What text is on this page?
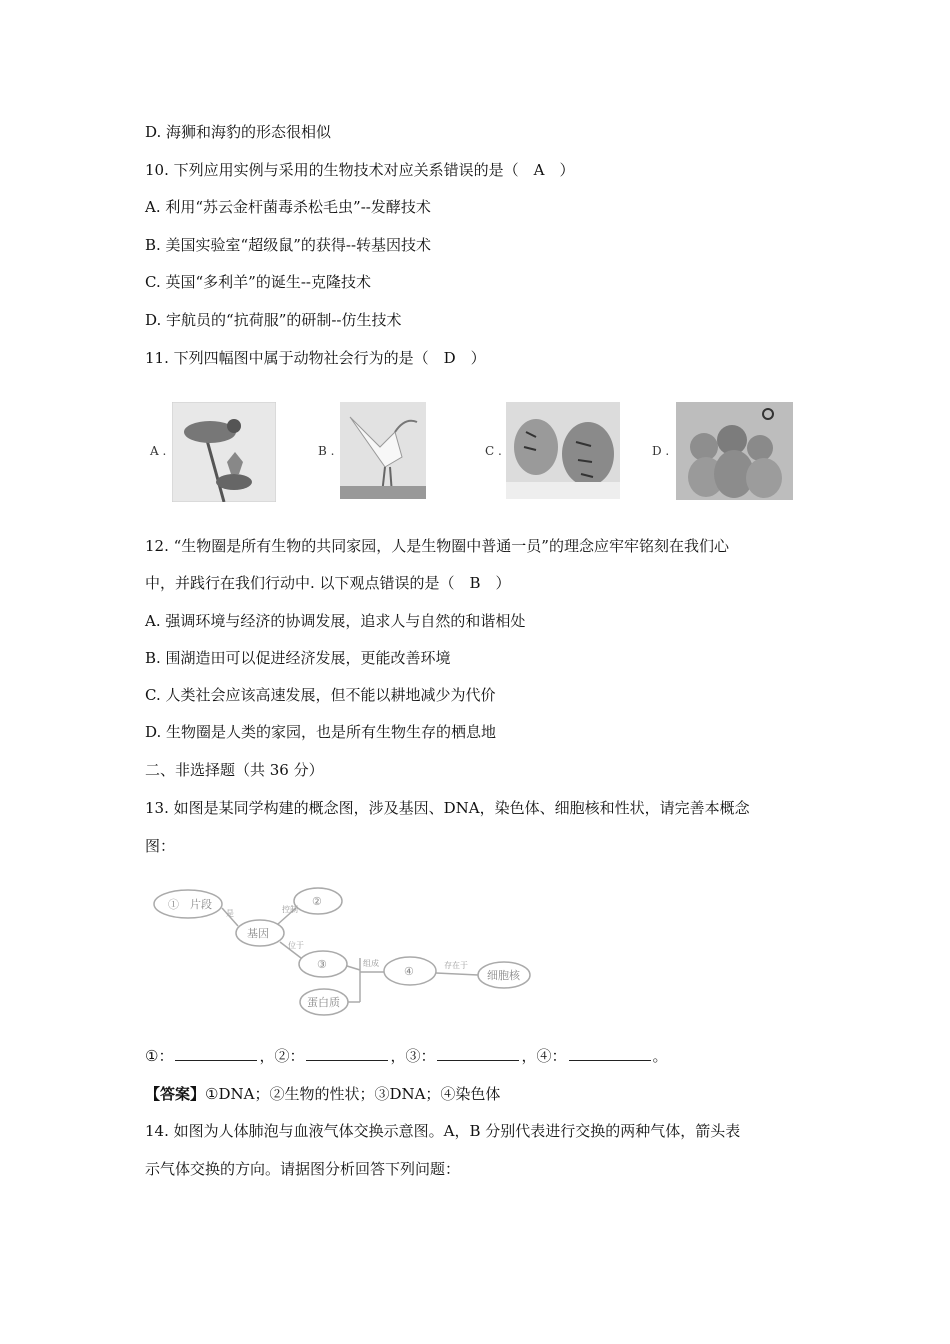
D. 海狮和海豹的形态很相似
10. 下列应用实例与采用的生物技术对应关系错误的是（　A　）
A. 利用“苏云金杆菌毒杀松毛虫”--发酵技术
B. 美国实验室“超级鼠”的获得--转基因技术
C. 英国“多利羊”的诞生--克隆技术
D. 宇航员的“抗荷服”的研制--仿生技术
11. 下列四幅图中属于动物社会行为的是（　D　）
A .	B .	C .	D .
12. “生物圈是所有生物的共同家园，人是生物圈中普通一员”的理念应牢牢铭刻在我们心
中，并践行在我们行动中. 以下观点错误的是（　B　）
A. 强调环境与经济的协调发展，追求人与自然的和谐相处
B. 围湖造田可以促进经济发展，更能改善环境
C. 人类社会应该高速发展，但不能以耕地减少为代价
D. 生物圈是人类的家园，也是所有生物生存的栖息地
二、非选择题（共 36 分）
13. 如图是某同学构建的概念图，涉及基因、DNA，染色体、细胞核和性状，请完善本概念
图：
①　片段	②
基因
③
④	细胞核
蛋白质
是	控制
位于
组成	存在于
①：	，②：	，③：	，④：	。
【答案】①DNA；②生物的性状；③DNA；④染色体
14. 如图为人体肺泡与血液气体交换示意图。A，B 分别代表进行交换的两种气体，箭头表
示气体交换的方向。请据图分析回答下列问题：
